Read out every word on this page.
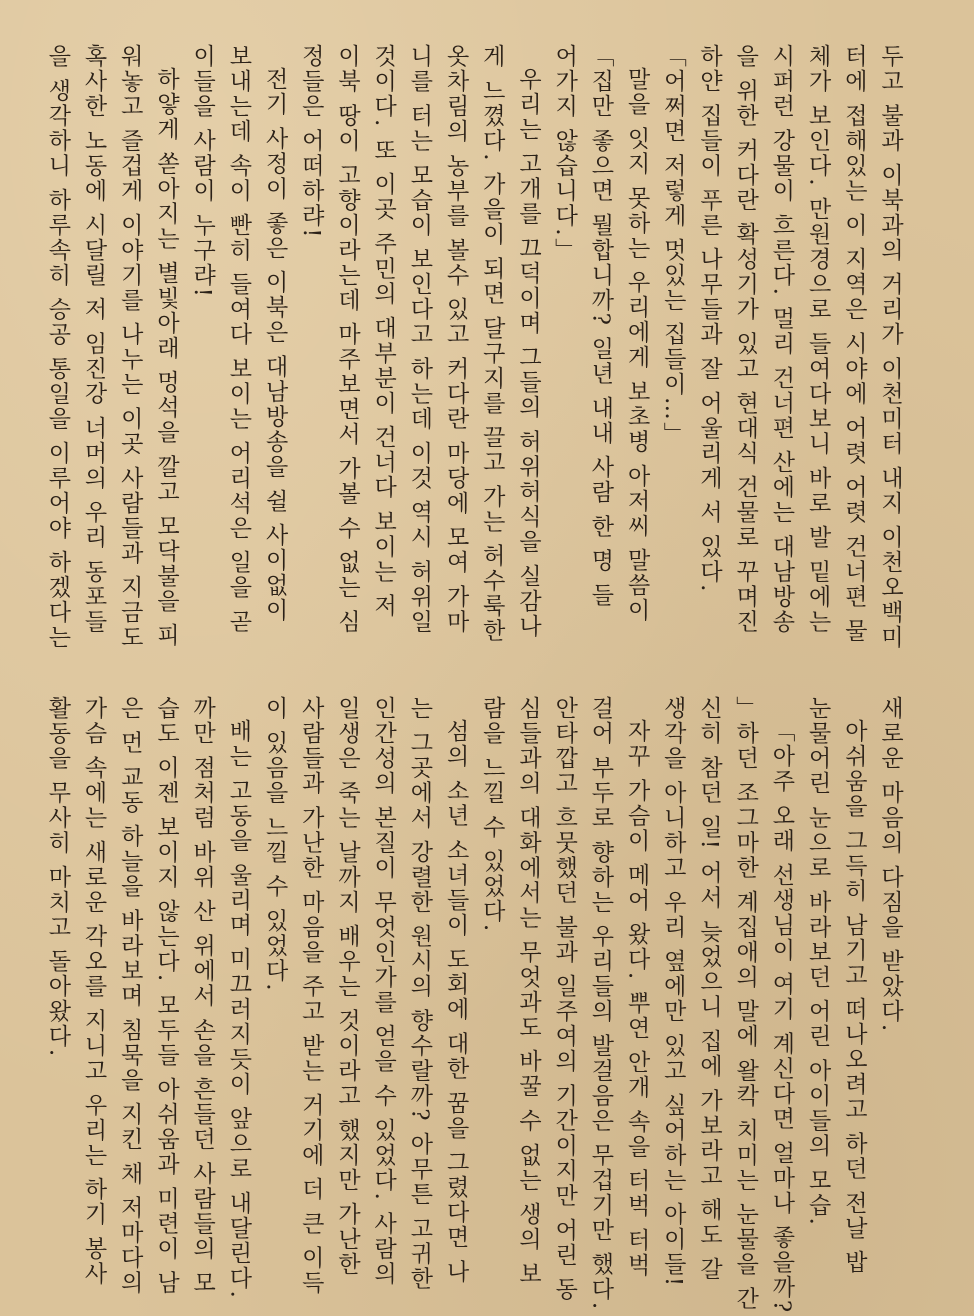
두고 불과 이북과의 거리가 이천미터 내지 이천오백미

터에 접해있는 이 지역은 시야에 어렷 어렷 건너편 물

체가 보인다. 만원경으로 들여다보니 바로 발 밑에는

시퍼런 강물이 흐른다. 멀리 건너편 산에는 대남방송

을 위한 커다란 확성기가 있고 현대식 건물로 꾸며진

하얀 집들이 푸른 나무들과 잘 어울리게 서 있다.

「어쩌면 저렇게 멋있는 집들이…」

말을 잇지 못하는 우리에게 보초병 아저씨 말씀이

「집만 좋으면 뭘합니까? 일년 내내 사람 한 명 들

어가지 않습니다.」

우리는 고개를 끄덕이며 그들의 허위허식을 실감나

게 느꼈다. 가을이 되면 달구지를 끌고 가는 허수룩한

옷차림의 농부를 볼수 있고 커다란 마당에 모여 가마

니를 터는 모습이 보인다고 하는데 이것 역시 허위일

것이다. 또 이곳 주민의 대부분이 건너다 보이는 저

이북 땅이 고향이라는데 마주보면서 가볼 수 없는 심

정들은 어떠하랴!

전기 사정이 좋은 이북은 대남방송을 쉴 사이없이

보내는데 속이 빤히 들여다 보이는 어리석은 일을 곧

이들을 사람이 누구랴!

하얗게 쏟아지는 별빛아래 멍석을 깔고 모닥불을 피

워놓고 즐겁게 이야기를 나누는 이곳 사람들과 지금도

혹사한 노동에 시달릴 저 임진강 너머의 우리 동포들

을 생각하니 하루속히 승공 통일을 이루어야 하겠다는

새로운 마음의 다짐을 받았다.

아쉬움을 그득히 남기고 떠나오려고 하던 전날 밥

눈물어린 눈으로 바라보던 어린 아이들의 모습.

「아주 오래 선생님이 여기 계신다면 얼마나 좋을까?

」하던 조그마한 계집애의 말에 왈칵 치미는 눈물을 간

신히 참던 일! 어서 늦었으니 집에 가보라고 해도 갈

생각을 아니하고 우리 옆에만 있고 싶어하는 아이들!

자꾸 가슴이 메어 왔다. 뿌연 안개 속을 터벅 터벅

걸어 부두로 향하는 우리들의 발걸음은 무겁기만 했다.

안타깝고 흐뭇했던 불과 일주여의 기간이지만 어린 동

심들과의 대화에서는 무엇과도 바꿀 수 없는 생의 보

람을 느낄 수 있었다.

섬의 소년 소녀들이 도회에 대한 꿈을 그렸다면 나

는 그곳에서 강렬한 원시의 향수랄까? 아무튼 고귀한

인간성의 본질이 무엇인가를 얻을 수 있었다. 사람의

일생은 죽는 날까지 배우는 것이라고 했지만 가난한

사람들과 가난한 마음을 주고 받는 거기에 더 큰 이득

이 있음을 느낄 수 있었다.

배는 고동을 울리며 미끄러지듯이 앞으로 내달린다.

까만 점처럼 바위 산 위에서 손을 흔들던 사람들의 모

습도 이젠 보이지 않는다. 모두들 아쉬움과 미련이 남

은 먼 교동 하늘을 바라보며 침묵을 지킨 채 저마다의

가슴 속에는 새로운 각오를 지니고 우리는 하기 봉사

활동을 무사히 마치고 돌아왔다.
